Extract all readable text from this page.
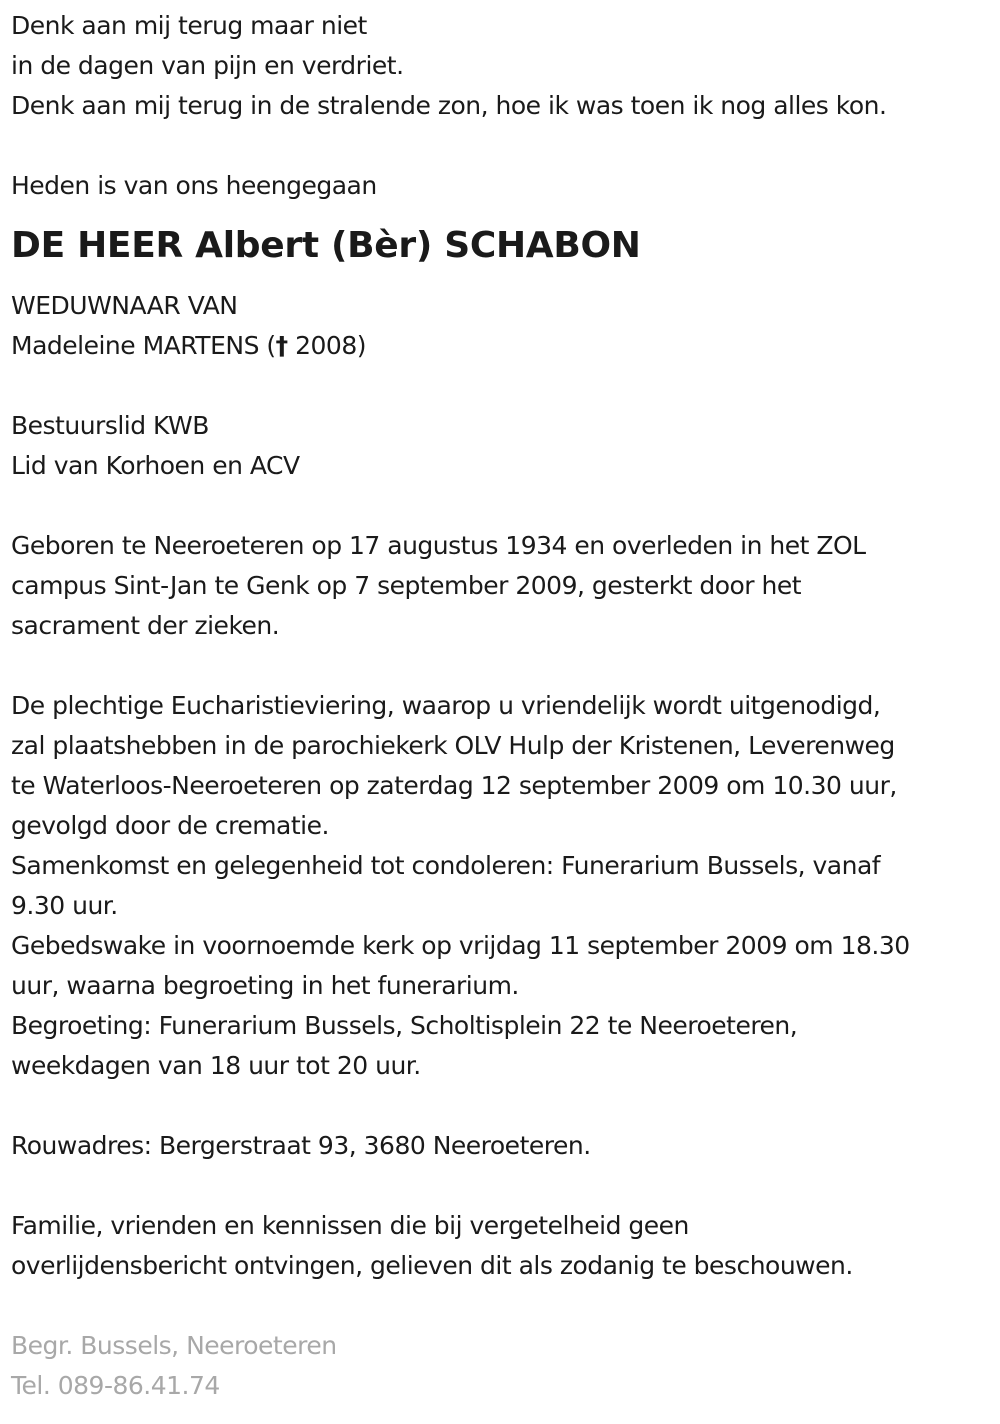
Denk aan mij terug maar niet
in de dagen van pijn en verdriet.
Denk aan mij terug in de stralende zon, hoe ik was toen ik nog alles kon.
Heden is van ons heengegaan
DE HEER Albert (Bèr) SCHABON
WEDUWNAAR VAN
Madeleine MARTENS († 2008)
Bestuurslid KWB
Lid van Korhoen en ACV
Geboren te Neeroeteren op 17 augustus 1934 en overleden in het ZOL
campus Sint-Jan te Genk op 7 september 2009, gesterkt door het
sacrament der zieken.
De plechtige Eucharistieviering, waarop u vriendelijk wordt uitgenodigd,
zal plaatshebben in de parochiekerk OLV Hulp der Kristenen, Leverenweg
te Waterloos-Neeroeteren op zaterdag 12 september 2009 om 10.30 uur,
gevolgd door de crematie.
Samenkomst en gelegenheid tot condoleren: Funerarium Bussels, vanaf
9.30 uur.
Gebedswake in voornoemde kerk op vrijdag 11 september 2009 om 18.30
uur, waarna begroeting in het funerarium.
Begroeting: Funerarium Bussels, Scholtisplein 22 te Neeroeteren,
weekdagen van 18 uur tot 20 uur.
Rouwadres: Bergerstraat 93, 3680 Neeroeteren.
Familie, vrienden en kennissen die bij vergetelheid geen
overlijdensbericht ontvingen, gelieven dit als zodanig te beschouwen.
Begr. Bussels, Neeroeteren
Tel. 089-86.41.74
